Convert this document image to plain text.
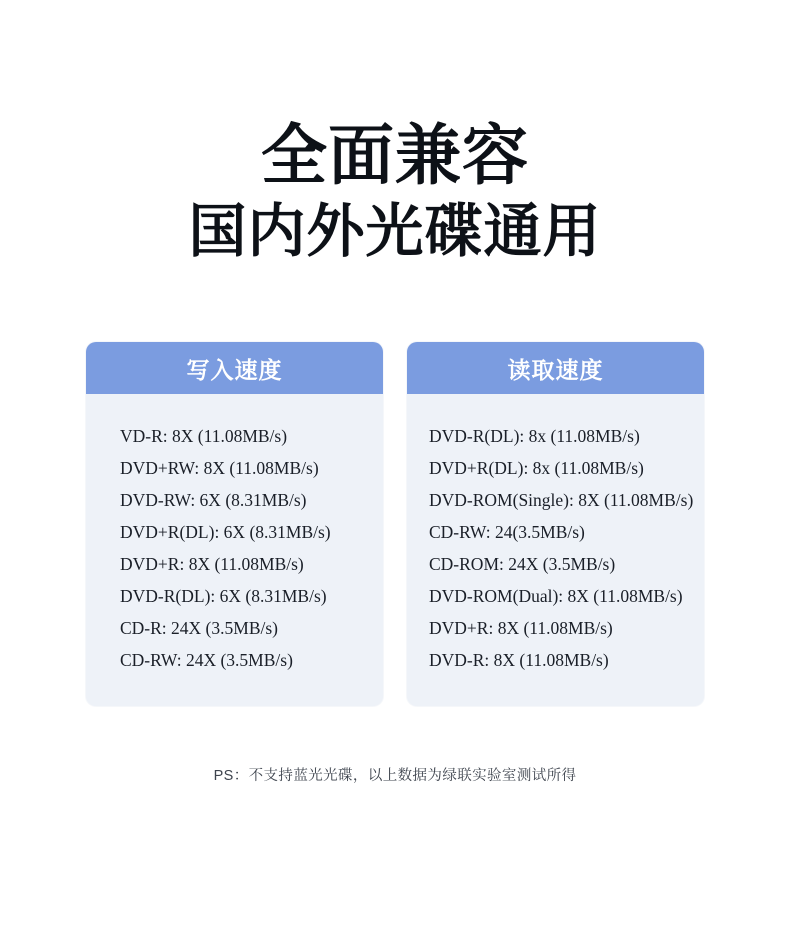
全面兼容
国内外光碟通用
写入速度
VD-R: 8X (11.08MB/s)
DVD+RW: 8X (11.08MB/s)
DVD-RW: 6X (8.31MB/s)
DVD+R(DL): 6X (8.31MB/s)
DVD+R: 8X (11.08MB/s)
DVD-R(DL): 6X (8.31MB/s)
CD-R: 24X (3.5MB/s)
CD-RW: 24X (3.5MB/s)
读取速度
DVD-R(DL): 8x (11.08MB/s)
DVD+R(DL): 8x (11.08MB/s)
DVD-ROM(Single): 8X (11.08MB/s)
CD-RW: 24(3.5MB/s)
CD-ROM: 24X (3.5MB/s)
DVD-ROM(Dual): 8X (11.08MB/s)
DVD+R: 8X (11.08MB/s)
DVD-R: 8X (11.08MB/s)
PS：不支持蓝光光碟，以上数据为绿联实验室测试所得
